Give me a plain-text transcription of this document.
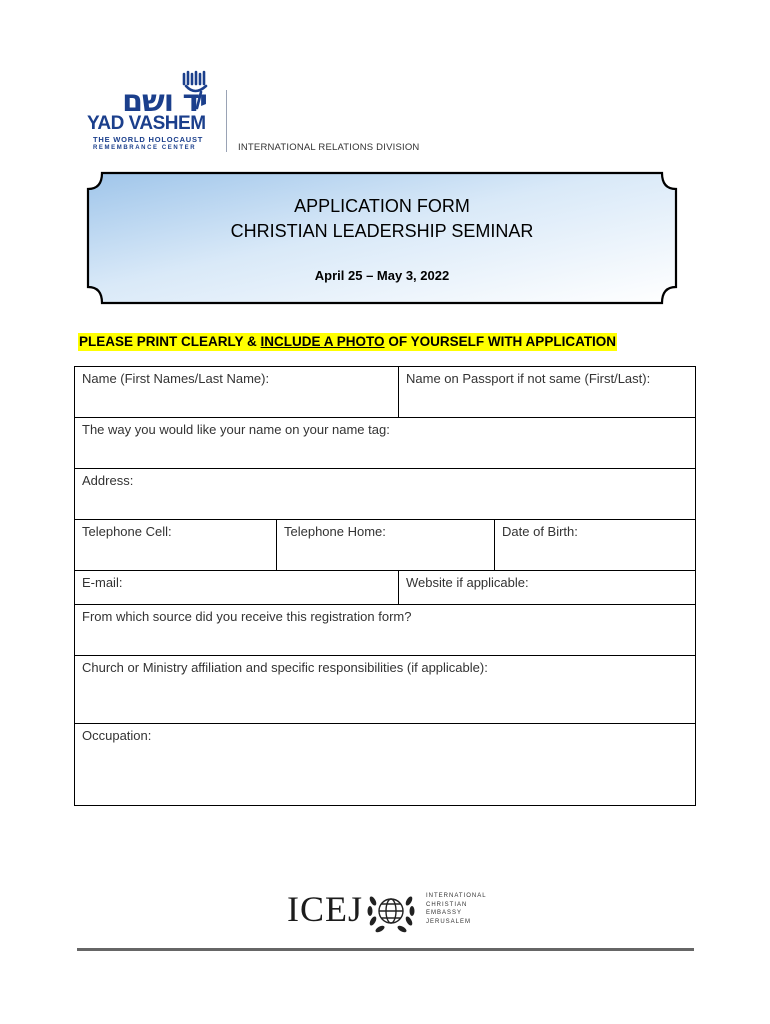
יד ושם
YAD VASHEM
THE WORLD HOLOCAUST
REMEMBRANCE CENTER	INTERNATIONAL RELATIONS DIVISION
APPLICATION FORM
CHRISTIAN LEADERSHIP SEMINAR
April 25 – May 3, 2022
PLEASE PRINT CLEARLY & INCLUDE A PHOTO OF YOURSELF WITH APPLICATION
Name (First Names/Last Name):		Name on Passport if not same (First/Last):	
The way you would like your name on your name tag:			
Address:			
Telephone Cell:	Telephone Home:		Date of Birth:
E-mail:		Website if applicable:	
From which source did you receive this registration form?			
Church or Ministry affiliation and specific responsibilities (if applicable):			
Occupation:			
ICEJ	INTERNATIONAL
CHRISTIAN
EMBASSY
JERUSALEM
